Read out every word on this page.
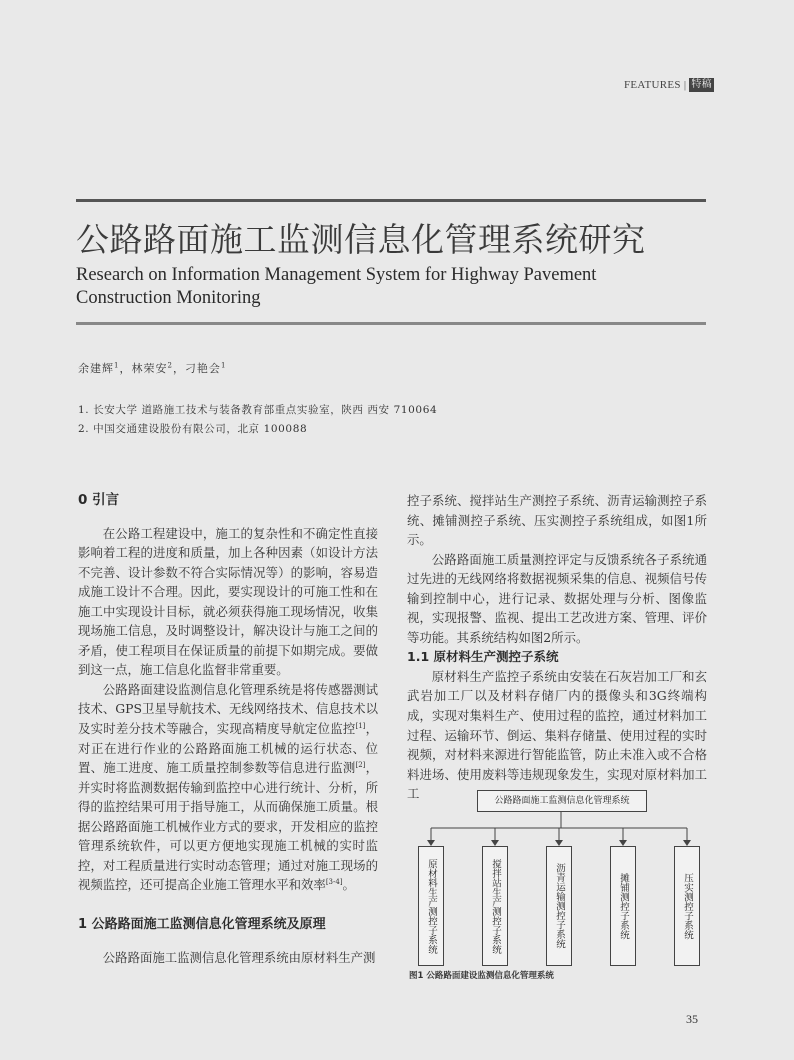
FEATURES | 特稿
公路路面施工监测信息化管理系统研究
Research on Information Management System for Highway Pavement
Construction Monitoring
余建辉$^1$，林荣安$^2$，刁艳会$^1$
1. 长安大学 道路施工技术与装备教育部重点实验室，陕西 西安 710064
2. 中国交通建设股份有限公司，北京 100088
0 引言

在公路工程建设中，施工的复杂性和不确定性直接影响着工程的进度和质量，加上各种因素（如设计方法不完善、设计参数不符合实际情况等）的影响，容易造成施工设计不合理。因此，要实现设计的可施工性和在施工中实现设计目标，就必须获得施工现场情况，收集现场施工信息，及时调整设计，解决设计与施工之间的矛盾，使工程项目在保证质量的前提下如期完成。要做到这一点，施工信息化监督非常重要。

公路路面建设监测信息化管理系统是将传感器测试技术、GPS卫星导航技术、无线网络技术、信息技术以及实时差分技术等融合，实现高精度导航定位监控[1]，对正在进行作业的公路路面施工机械的运行状态、位置、施工进度、施工质量控制参数等信息进行监测[2]，并实时将监测数据传输到监控中心进行统计、分析，所得的监控结果可用于指导施工，从而确保施工质量。根据公路路面施工机械作业方式的要求，开发相应的监控管理系统软件，可以更方便地实现施工机械的实时监控，对工程质量进行实时动态管理；通过对施工现场的视频监控，还可提高企业施工管理水平和效率[3-4]。

1 公路路面施工监测信息化管理系统及原理

公路路面施工监测信息化管理系统由原材料生产测

控子系统、搅拌站生产测控子系统、沥青运输测控子系统、摊铺测控子系统、压实测控子系统组成，如图1所示。

公路路面施工质量测控评定与反馈系统各子系统通过先进的无线网络将数据视频采集的信息、视频信号传输到控制中心，进行记录、数据处理与分析、图像监视，实现报警、监视、提出工艺改进方案、管理、评价等功能。其系统结构如图2所示。

1.1 原材料生产测控子系统

原材料生产监控子系统由安装在石灰岩加工厂和玄武岩加工厂以及材料存储厂内的摄像头和3G终端构成，实现对集料生产、使用过程的监控，通过材料加工过程、运输环节、倒运、集料存储量、使用过程的实时视频，对材料来源进行智能监管，防止未准入或不合格料进场、使用废料等违规现象发生，实现对原材料加工工	公路路面施工监测信息化管理系统
原材料生产测控子系统	搅拌站生产测控子系统	沥青运输测控子系统	摊铺测控子系统	压实测控子系统
图1 公路路面建设监测信息化管理系统
35
